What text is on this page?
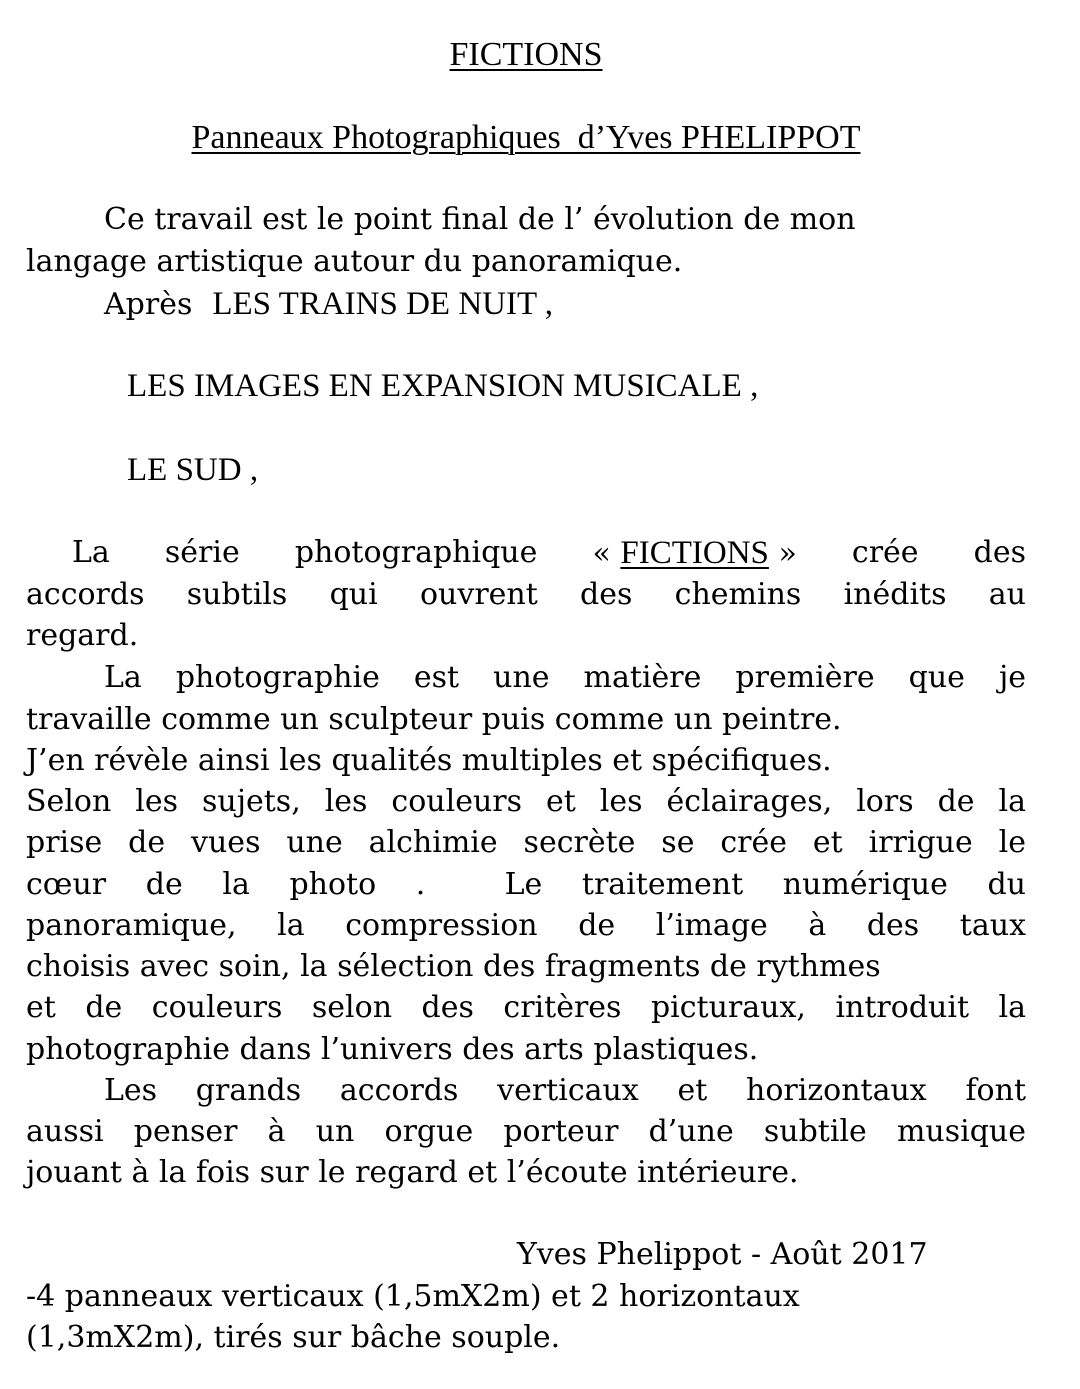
FICTIONS
Panneaux Photographiques  d’Yves PHELIPPOT
Ce travail est le point final de l’ évolution de mon
langage artistique autour du panoramique.
Après LES TRAINS DE NUIT ,
LES IMAGES EN EXPANSION MUSICALE ,
LE SUD ,
La série photographique « FICTIONS » crée des
accords subtils qui ouvrent des chemins inédits au
regard.
La photographie est une matière première que je
travaille comme un sculpteur puis comme un peintre.
J’en révèle ainsi les qualités multiples et spécifiques.
Selon les sujets, les couleurs et les éclairages, lors de la
prise de vues une alchimie secrète se crée et irrigue le
cœur de la photo .  Le traitement numérique du
panoramique, la compression de l’image à des taux
choisis avec soin, la sélection des fragments de rythmes
et de couleurs selon des critères picturaux, introduit la
photographie dans l’univers des arts plastiques.
Les grands accords verticaux et horizontaux font
aussi penser à un orgue porteur d’une subtile musique
jouant à la fois sur le regard et l’écoute intérieure.
Yves Phelippot - Août 2017
-4 panneaux verticaux (1,5mX2m) et 2 horizontaux
(1,3mX2m), tirés sur bâche souple.
